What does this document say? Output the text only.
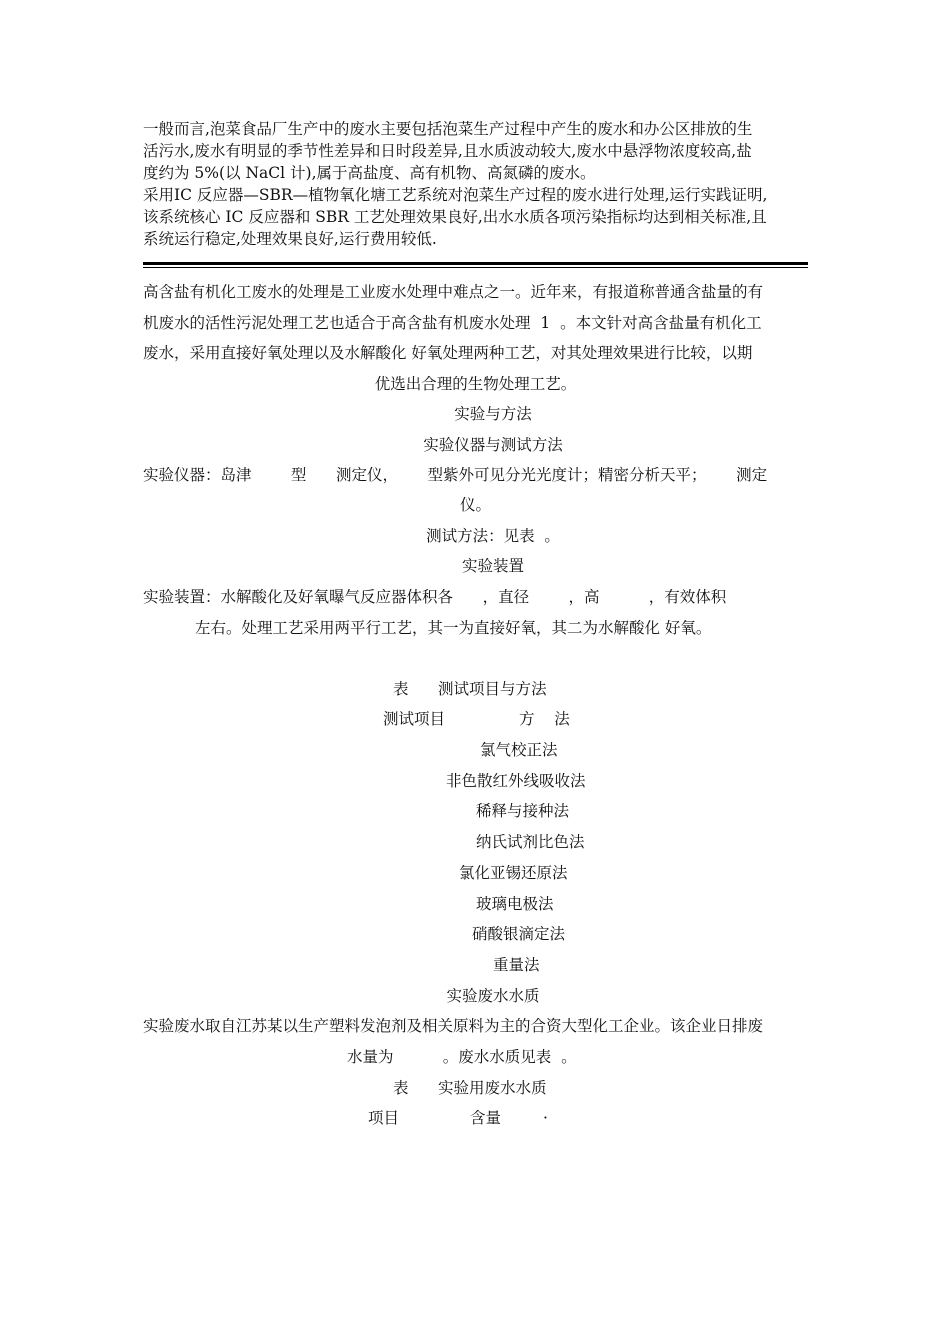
一般而言,泡菜食品厂生产中的废水主要包括泡菜生产过程中产生的废水和办公区排放的生
活污水,废水有明显的季节性差异和日时段差异,且水质波动较大,废水中悬浮物浓度较高,盐
度约为 5%(以 NaCl 计),属于高盐度、高有机物、高氮磷的废水。
采用IC 反应器—SBR—植物氧化塘工艺系统对泡菜生产过程的废水进行处理,运行实践证明,
该系统核心 IC 反应器和 SBR 工艺处理效果良好,出水水质各项污染指标均达到相关标准,且
系统运行稳定,处理效果良好,运行费用较低.
高含盐有机化工废水的处理是工业废水处理中难点之一。近年来，有报道称普通含盐量的有
机废水的活性污泥处理工艺也适合于高含盐有机废水处理  1  。本文针对高含盐量有机化工
废水，采用直接好氧处理以及水解酸化 好氧处理两种工艺，对其处理效果进行比较，以期
优选出合理的生物处理工艺。
实验与方法
实验仪器与测试方法
实验仪器：岛津        型      测定仪，      型紫外可见分光光度计；精密分析天平；      测定
仪。
测试方法：见表  。
实验装置
实验装置：水解酸化及好氧曝气反应器体积各      ，直径        ，高          ，有效体积
左右。处理工艺采用两平行工艺，其一为直接好氧，其二为水解酸化 好氧。
表      测试项目与方法
测试项目	方    法
氯气校正法
非色散红外线吸收法
稀释与接种法
纳氏试剂比色法
氯化亚锡还原法
玻璃电极法
硝酸银滴定法
重量法
实验废水水质
实验废水取自江苏某以生产塑料发泡剂及相关原料为主的合资大型化工企业。该企业日排废
水量为          。废水水质见表  。
表      实验用废水水质
项目	含量	·
